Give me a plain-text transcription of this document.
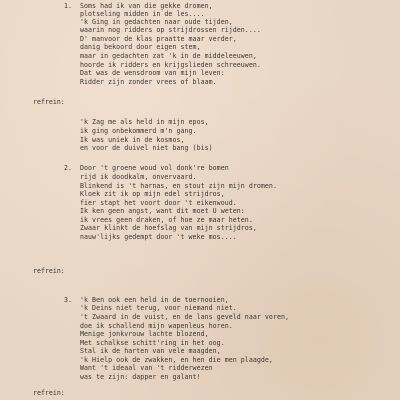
1. Soms had ik van die gekke dromen,
plotseling midden in de les....
'k Ging in gedachten naar oude tijden,
waarin nog ridders op strijdrossen rijden....
D' manvoor de klas praatte maar verder,
danig bekoord door eigen stem,
maar in gedachten zat 'k in de middeleeuwen,
hoorde ik ridders en krijgslieden schreeuwen.
Dat was de wensdroom van mijn leven:
Ridder zijn zonder vrees of blaam.
refrein:
'k Zag me als held in mijn epos,
ik ging onbekommerd m'n gang.
Ik was uniek in de kosmos,
en voor de duivel niet bang (bis)
2. Door 't groene woud vol donk're bomen
rijd ik doodkalm, onvervaard.
Blinkend is 't harnas, en stout zijn mijn dromen.
Kloek zit ik op mijn edel strijdros,
fier stapt het voort door 't eikenwoud.
Ik ken geen angst, want dit moet U weten:
ik vrees geen draken, of hoe ze maar heten.
Zwaar klinkt de hoefslag van mijn strijdros,
nauw'lijks gedempt door 't weke mos....
refrein:
3. 'k Ben ook een held in de toernooien,
'k Deins niet terug, voor niemand niet.
't Zwaard in de vuist, en de lans geveld naar voren,
doe ik schallend mijn wapenleus horen.
Menige jonkvrouw lachte blozend,
Met schalkse schitt'ring in het oog.
Stal ik de harten van vele maagden,
'k Hielp ook de zwakken, en hen die men plaagde,
Want 't ideaal van 't ridderwezen
was te zijn: dapper en galant!
refrein:
